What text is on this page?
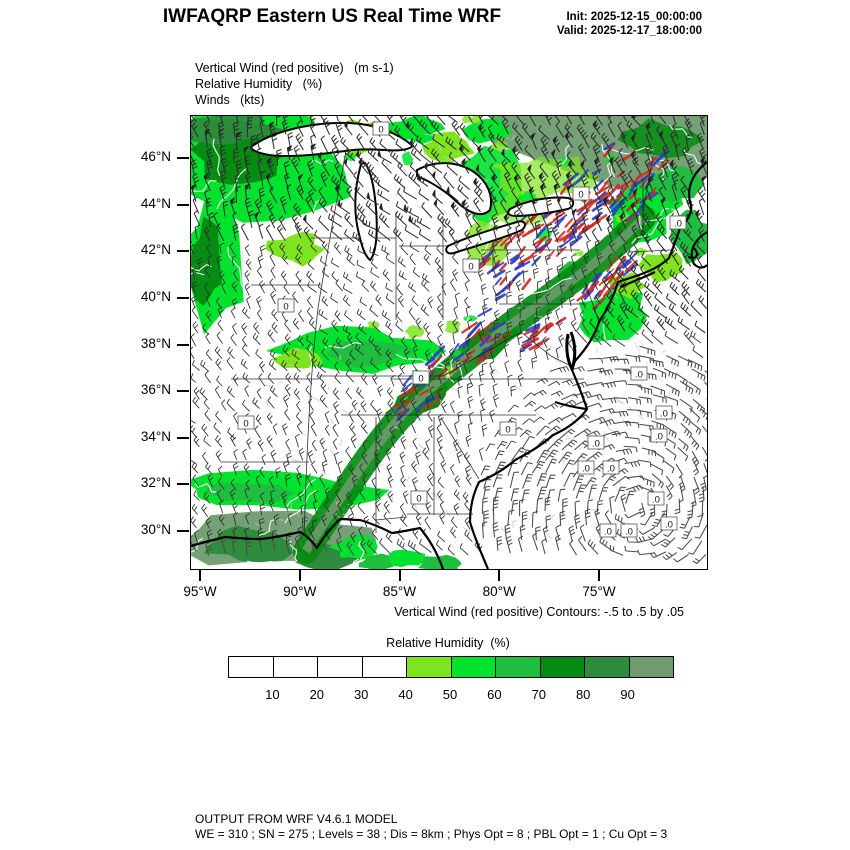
IWFAQRP Eastern US Real Time WRF	Init: 2025-12-15_00:00:00
Valid: 2025-12-17_18:00:00
Vertical Wind (red positive)   (m s-1)
Relative Humidity   (%)
Winds   (kts)
.0
.0
.0
.0 .0
.0
.0 .0
.0
.0
.0
0
0
0
0
0
0
0
0
Vertical Wind (red positive) Contours: -.5 to .5 by .05
Relative Humidity  (%)
OUTPUT FROM WRF V4.6.1 MODEL
WE = 310 ; SN = 275 ; Levels = 38 ; Dis = 8km ; Phys Opt = 8 ; PBL Opt = 1 ; Cu Opt = 3
46°N
44°N
42°N
40°N
38°N
36°N
34°N
32°N
30°N
95°W	90°W	85°W	80°W	75°W
10	20	30	40	50	60	70	80	90
